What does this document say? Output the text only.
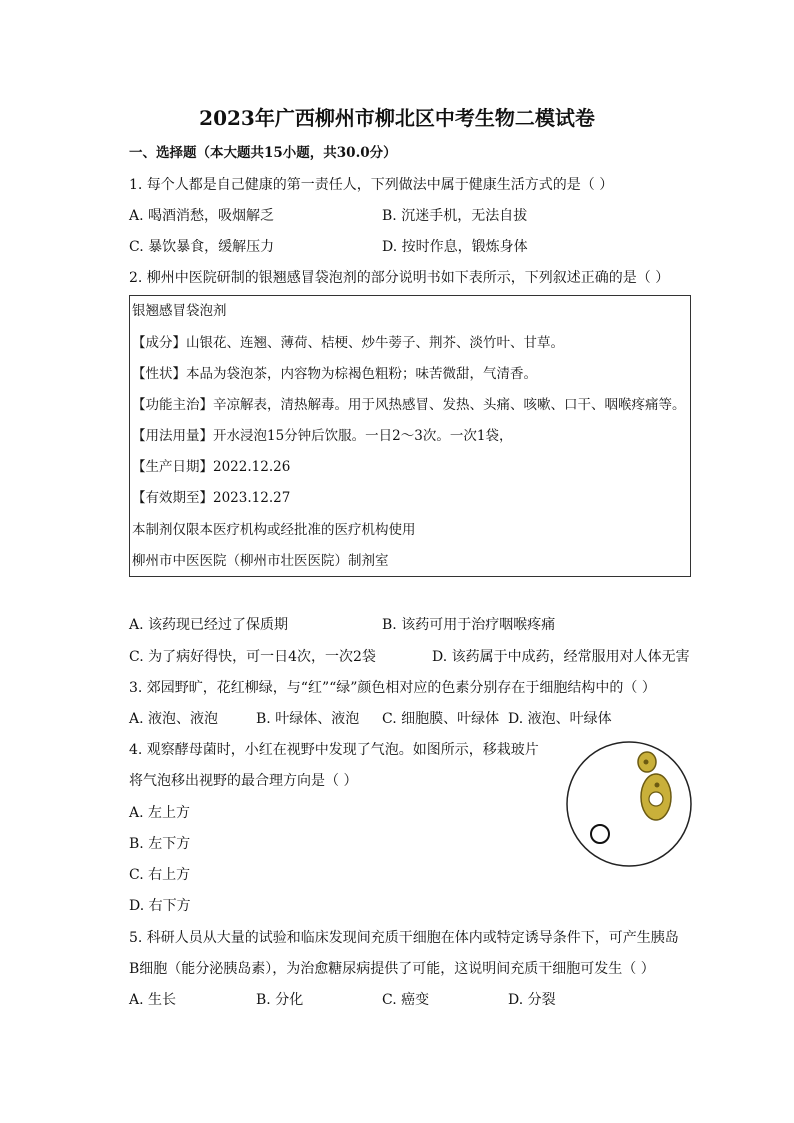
2023年广西柳州市柳北区中考生物二模试卷
一、选择题（本大题共15小题，共30.0分）
1. 每个人都是自己健康的第一责任人，下列做法中属于健康生活方式的是（ ）
A. 喝酒消愁，吸烟解乏	B. 沉迷手机，无法自拔
C. 暴饮暴食，缓解压力	D. 按时作息，锻炼身体
2. 柳州中医院研制的银翘感冒袋泡剂的部分说明书如下表所示，下列叙述正确的是（ ）
银翘感冒袋泡剂
【成分】山银花、连翘、薄荷、桔梗、炒牛蒡子、荆芥、淡竹叶、甘草。
【性状】本品为袋泡茶，内容物为棕褐色粗粉；味苦微甜，气清香。
【功能主治】辛凉解表，清热解毒。用于风热感冒、发热、头痛、咳嗽、口干、咽喉疼痛等。
【用法用量】开水浸泡15分钟后饮服。一日2～3次。一次1袋，
【生产日期】2022.12.26
【有效期至】2023.12.27
本制剂仅限本医疗机构或经批准的医疗机构使用
柳州市中医医院（柳州市壮医医院）制剂室
A. 该药现已经过了保质期	B. 该药可用于治疗咽喉疼痛
C. 为了病好得快，可一日4次，一次2袋	D. 该药属于中成药，经常服用对人体无害
3. 郊园野旷，花红柳绿，与“红”“绿”颜色相对应的色素分别存在于细胞结构中的（ ）
A. 液泡、液泡	B. 叶绿体、液泡 C. 细胞膜、叶绿体 D. 液泡、叶绿体
4. 观察酵母菌时，小红在视野中发现了气泡。如图所示，移栽玻片
将气泡移出视野的最合理方向是（ ）
A. 左上方
B. 左下方
C. 右上方
D. 右下方
5. 科研人员从大量的试验和临床发现间充质干细胞在体内或特定诱导条件下，可产生胰岛
B细胞（能分泌胰岛素），为治愈糖尿病提供了可能，这说明间充质干细胞可发生（ ）
A. 生长	B. 分化	C. 癌变	D. 分裂
